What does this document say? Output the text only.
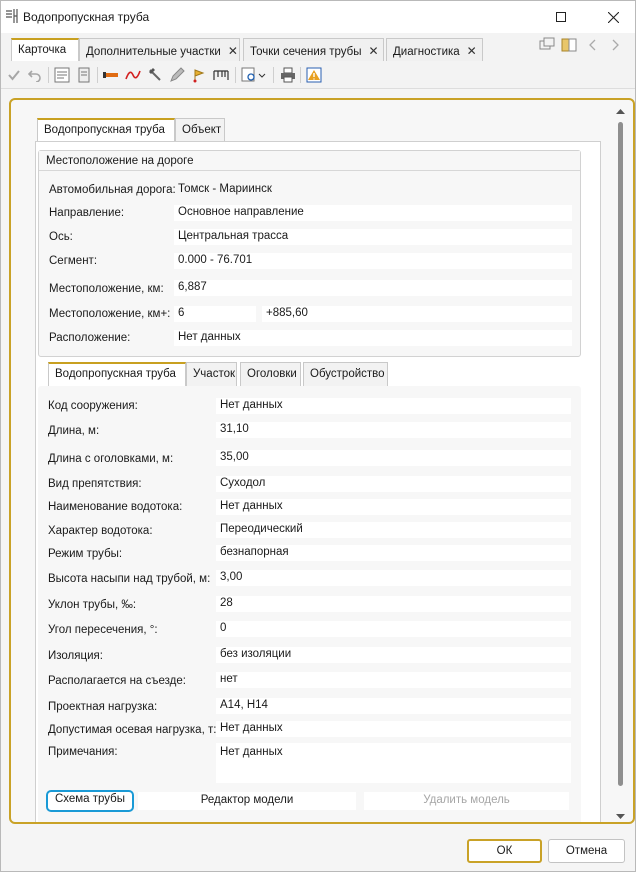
Водопропускная труба
Карточка	Дополнительные участки ✕	Точки сечения трубы ✕	Диагностика ✕
Водопропускная труба	Объект
Местоположение на дороге
Автомобильная дорога: Томск - Мариинск
Направление:	Основное направление
Ось:	Центральная трасса
Сегмент:	0.000 - 76.701
Местоположение, км:	6,887
Местоположение, км+: 6	+885,60
Расположение:	Нет данных
Водопропускная труба	Участок	Оголовки	Обустройство
Код сооружения:	Нет данных
Длина, м:	31,10
Длина с оголовками, м:	35,00
Вид препятствия:	Суходол
Наименование водотока:	Нет данных
Характер водотока:	Переодический
Режим трубы:	безнапорная
Высота насыпи над трубой, м: 3,00
Уклон трубы, ‰:	28
Угол пересечения, °:	0
Изоляция:	без изоляции
Располагается на съезде:	нет
Проектная нагрузка:	А14, Н14
Допустимая осевая нагрузка, т: Нет данных
Примечания:	Нет данных
Схема трубы	Редактор модели	Удалить модель
ОК	Отмена
